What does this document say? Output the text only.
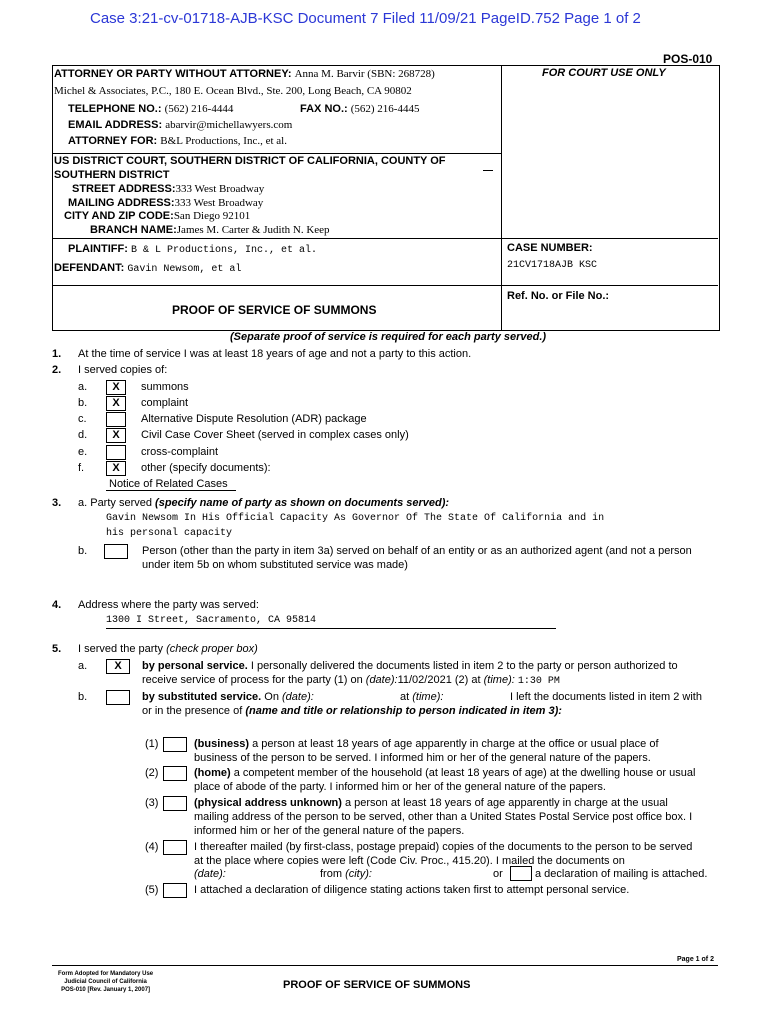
Case 3:21-cv-01718-AJB-KSC Document 7 Filed 11/09/21 PageID.752 Page 1 of 2
POS-010
FOR COURT USE ONLY
ATTORNEY OR PARTY WITHOUT ATTORNEY: Anna M. Barvir (SBN: 268728)
Michel & Associates, P.C., 180 E. Ocean Blvd., Ste. 200, Long Beach, CA 90802
TELEPHONE NO.: (562) 216-4444	FAX NO.: (562) 216-4445
EMAIL ADDRESS: abarvir@michellawyers.com
ATTORNEY FOR: B&L Productions, Inc., et al.
US DISTRICT COURT, SOUTHERN DISTRICT OF CALIFORNIA, COUNTY OF
SOUTHERN DISTRICT
STREET ADDRESS:333 West Broadway
MAILING ADDRESS:333 West Broadway
CITY AND ZIP CODE:San Diego 92101
BRANCH NAME:James M. Carter & Judith N. Keep
PLAINTIFF: B & L Productions, Inc., et al.
DEFENDANT: Gavin Newsom, et al
CASE NUMBER:
21CV1718AJB KSC
Ref. No. or File No.:
PROOF OF SERVICE OF SUMMONS
(Separate proof of service is required for each party served.)
1. At the time of service I was at least 18 years of age and not a party to this action.
2. I served copies of:
a.	X	summons
b.	X	complaint
c.	Alternative Dispute Resolution (ADR) package
d.	X	Civil Case Cover Sheet (served in complex cases only)
e.	cross-complaint
f.	X	other (specify documents):
Notice of Related Cases
3. a. Party served (specify name of party as shown on documents served):
Gavin Newsom In His Official Capacity As Governor Of The State Of California and in
his personal capacity
b.	Person (other than the party in item 3a) served on behalf of an entity or as an authorized agent (and not a person
under item 5b on whom substituted service was made)
4. Address where the party was served:
1300 I Street, Sacramento, CA 95814
5. I served the party (check proper box)
a.	X	by personal service. I personally delivered the documents listed in item 2 to the party or person authorized to
receive service of process for the party (1) on (date):11/02/2021 (2) at (time): 1:30 PM
b.	by substituted service. On (date):	at (time):	I left the documents listed in item 2 with
or in the presence of (name and title or relationship to person indicated in item 3):
(1)	(business) a person at least 18 years of age apparently in charge at the office or usual place of
business of the person to be served. I informed him or her of the general nature of the papers.
(2)	(home) a competent member of the household (at least 18 years of age) at the dwelling house or usual
place of abode of the party. I informed him or her of the general nature of the papers.
(3)	(physical address unknown) a person at least 18 years of age apparently in charge at the usual
mailing address of the person to be served, other than a United States Postal Service post office box. I
informed him or her of the general nature of the papers.
(4)	I thereafter mailed (by first-class, postage prepaid) copies of the documents to the person to be served
at the place where copies were left (Code Civ. Proc., 415.20). I mailed the documents on
(date):	from (city):	or	a declaration of mailing is attached.
(5)	I attached a declaration of diligence stating actions taken first to attempt personal service.
Page 1 of 2
Form Adopted for Mandatory Use
Judicial Council of California
POS-010 [Rev. January 1, 2007]	PROOF OF SERVICE OF SUMMONS
